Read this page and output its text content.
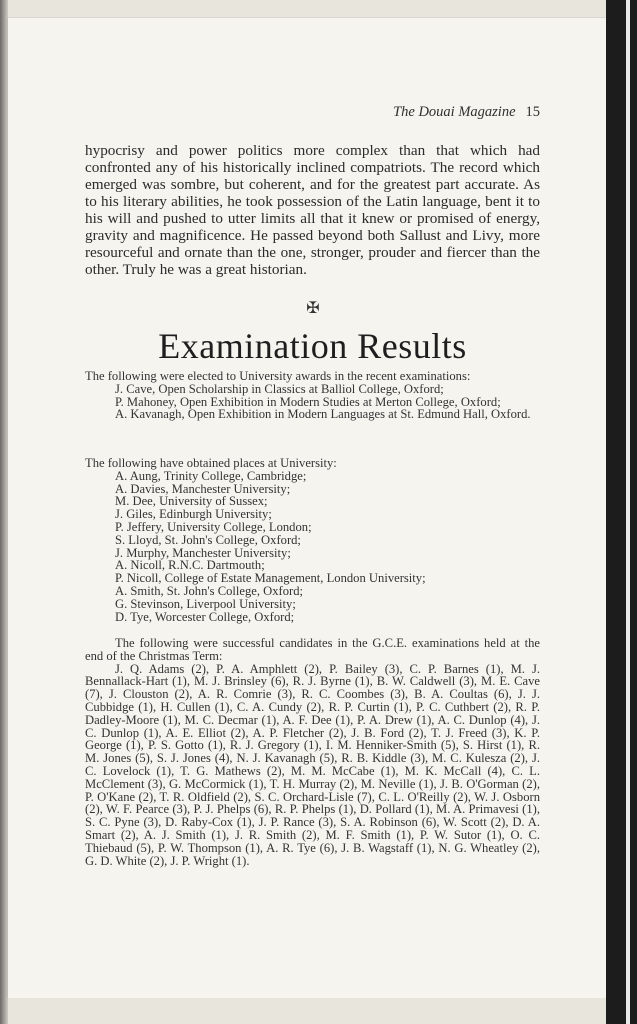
The Douai Magazine 15

hypocrisy and power politics more complex than that which had confronted any of his historically inclined compatriots. The record which emerged was sombre, but coherent, and for the greatest part accurate. As to his literary abilities, he took possession of the Latin language, bent it to his will and pushed to utter limits all that it knew or promised of energy, gravity and magnificence. He passed beyond both Sallust and Livy, more resourceful and ornate than the one, stronger, prouder and fiercer than the other. Truly he was a great historian.

✠
Examination Results
The following were elected to University awards in the recent examinations:
J. Cave, Open Scholarship in Classics at Balliol College, Oxford;
P. Mahoney, Open Exhibition in Modern Studies at Merton College, Oxford;
A. Kavanagh, Open Exhibition in Modern Languages at St. Edmund Hall, Oxford.
The following have obtained places at University:
A. Aung, Trinity College, Cambridge;
A. Davies, Manchester University;
M. Dee, University of Sussex;
J. Giles, Edinburgh University;
P. Jeffery, University College, London;
S. Lloyd, St. John's College, Oxford;
J. Murphy, Manchester University;
A. Nicoll, R.N.C. Dartmouth;
P. Nicoll, College of Estate Management, London University;
A. Smith, St. John's College, Oxford;
G. Stevinson, Liverpool University;
D. Tye, Worcester College, Oxford;
The following were successful candidates in the G.C.E. examinations held at the end of the Christmas Term:
J. Q. Adams (2), P. A. Amphlett (2), P. Bailey (3), C. P. Barnes (1), M. J. Bennallack-Hart (1), M. J. Brinsley (6), R. J. Byrne (1), B. W. Caldwell (3), M. E. Cave (7), J. Clouston (2), A. R. Comrie (3), R. C. Coombes (3), B. A. Coultas (6), J. J. Cubbidge (1), H. Cullen (1), C. A. Cundy (2), R. P. Curtin (1), P. C. Cuthbert (2), R. P. Dadley-Moore (1), M. C. Decmar (1), A. F. Dee (1), P. A. Drew (1), A. C. Dunlop (4), J. C. Dunlop (1), A. E. Elliot (2), A. P. Fletcher (2), J. B. Ford (2), T. J. Freed (3), K. P. George (1), P. S. Gotto (1), R. J. Gregory (1), I. M. Henniker-Smith (5), S. Hirst (1), R. M. Jones (5), S. J. Jones (4), N. J. Kavanagh (5), R. B. Kiddle (3), M. C. Kulesza (2), J. C. Lovelock (1), T. G. Mathews (2), M. M. McCabe (1), M. K. McCall (4), C. L. McClement (3), G. McCormick (1), T. H. Murray (2), M. Neville (1), J. B. O'Gorman (2), P. O'Kane (2), T. R. Oldfield (2), S. C. Orchard-Lisle (7), C. L. O'Reilly (2), W. J. Osborn (2), W. F. Pearce (3), P. J. Phelps (6), R. P. Phelps (1), D. Pollard (1), M. A. Primavesi (1), S. C. Pyne (3), D. Raby-Cox (1), J. P. Rance (3), S. A. Robinson (6), W. Scott (2), D. A. Smart (2), A. J. Smith (1), J. R. Smith (2), M. F. Smith (1), P. W. Sutor (1), O. C. Thiebaud (5), P. W. Thompson (1), A. R. Tye (6), J. B. Wagstaff (1), N. G. Wheatley (2), G. D. White (2), J. P. Wright (1).
